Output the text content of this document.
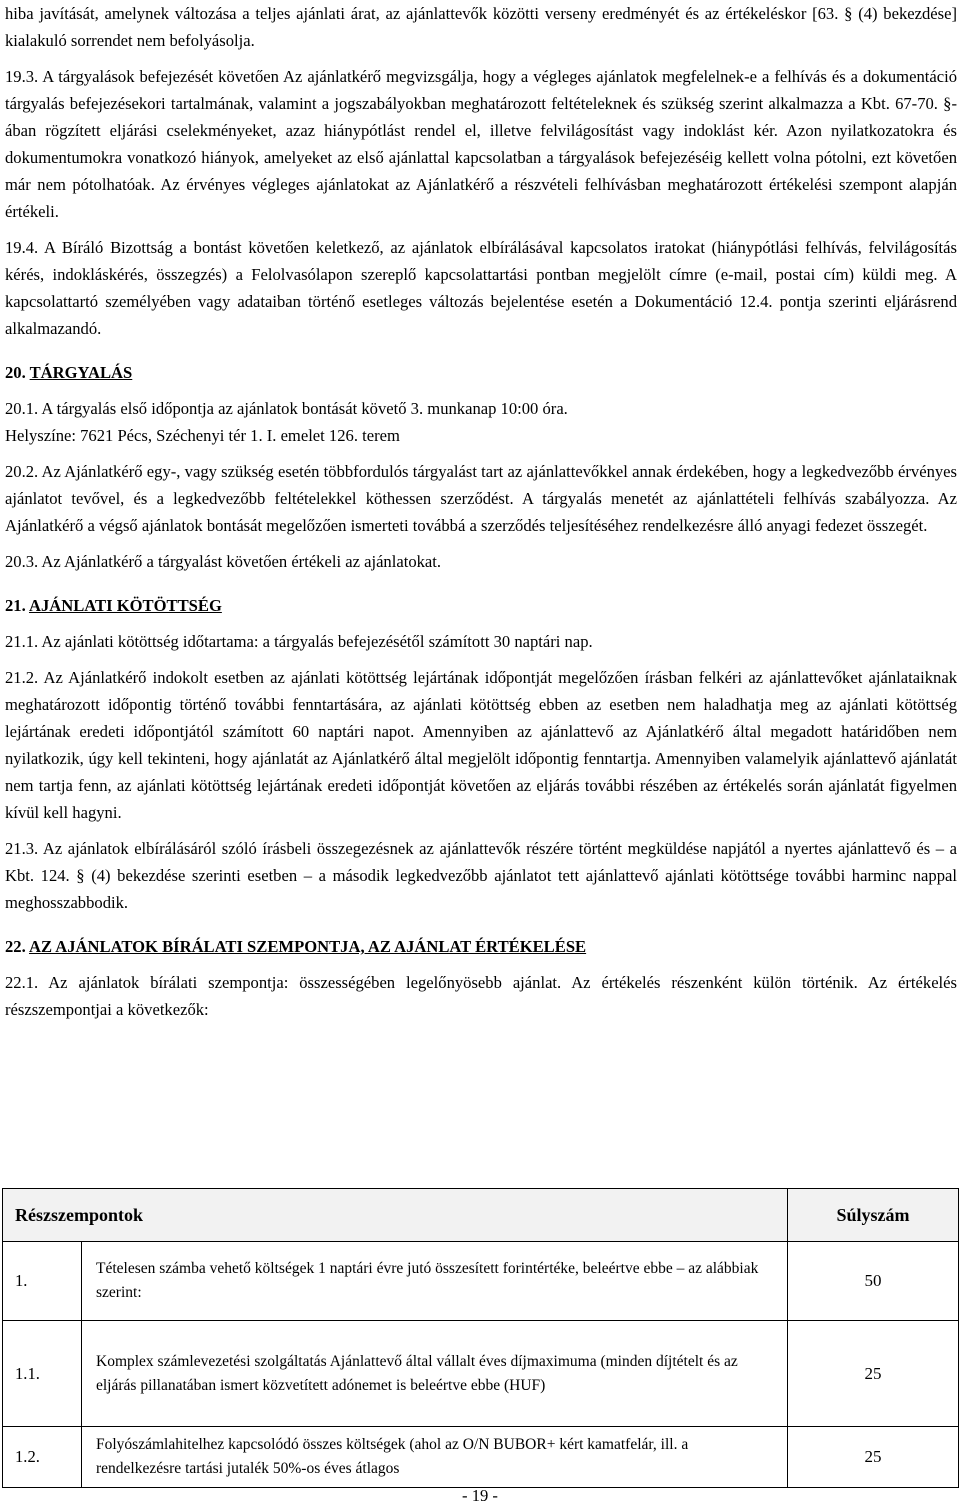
hiba javítását, amelynek változása a teljes ajánlati árat, az ajánlattevők közötti verseny eredményét és az értékeléskor [63. § (4) bekezdése] kialakuló sorrendet nem befolyásolja.

19.3. A tárgyalások befejezését követően Az ajánlatkérő megvizsgálja, hogy a végleges ajánlatok megfelelnek-e a felhívás és a dokumentáció tárgyalás befejezésekori tartalmának, valamint a jogszabályokban meghatározott feltételeknek és szükség szerint alkalmazza a Kbt. 67-70. §-ában rögzített eljárási cselekményeket, azaz hiánypótlást rendel el, illetve felvilágosítást vagy indoklást kér. Azon nyilatkozatokra és dokumentumokra vonatkozó hiányok, amelyeket az első ajánlattal kapcsolatban a tárgyalások befejezéséig kellett volna pótolni, ezt követően már nem pótolhatóak. Az érvényes végleges ajánlatokat az Ajánlatkérő a részvételi felhívásban meghatározott értékelési szempont alapján értékeli.

19.4. A Bíráló Bizottság a bontást követően keletkező, az ajánlatok elbírálásával kapcsolatos iratokat (hiánypótlási felhívás, felvilágosítás kérés, indokláskérés, összegzés) a Felolvasólapon szereplő kapcsolattartási pontban megjelölt címre (e-mail, postai cím) küldi meg. A kapcsolattartó személyében vagy adataiban történő esetleges változás bejelentése esetén a Dokumentáció 12.4. pontja szerinti eljárásrend alkalmazandó.

20. TÁRGYALÁS

20.1. A tárgyalás első időpontja az ajánlatok bontását követő 3. munkanap 10:00 óra.

Helyszíne: 7621 Pécs, Széchenyi tér 1. I. emelet 126. terem

20.2. Az Ajánlatkérő egy-, vagy szükség esetén többfordulós tárgyalást tart az ajánlattevőkkel annak érdekében, hogy a legkedvezőbb érvényes ajánlatot tevővel, és a legkedvezőbb feltételekkel köthessen szerződést. A tárgyalás menetét az ajánlattételi felhívás szabályozza. Az Ajánlatkérő a végső ajánlatok bontását megelőzően ismerteti továbbá a szerződés teljesítéséhez rendelkezésre álló anyagi fedezet összegét.

20.3. Az Ajánlatkérő a tárgyalást követően értékeli az ajánlatokat.

21. AJÁNLATI KÖTÖTTSÉG

21.1. Az ajánlati kötöttség időtartama: a tárgyalás befejezésétől számított 30 naptári nap.

21.2. Az Ajánlatkérő indokolt esetben az ajánlati kötöttség lejártának időpontját megelőzően írásban felkéri az ajánlattevőket ajánlataiknak meghatározott időpontig történő további fenntartására, az ajánlati kötöttség ebben az esetben nem haladhatja meg az ajánlati kötöttség lejártának eredeti időpontjától számított 60 naptári napot. Amennyiben az ajánlattevő az Ajánlatkérő által megadott határidőben nem nyilatkozik, úgy kell tekinteni, hogy ajánlatát az Ajánlatkérő által megjelölt időpontig fenntartja. Amennyiben valamelyik ajánlattevő ajánlatát nem tartja fenn, az ajánlati kötöttség lejártának eredeti időpontját követően az eljárás további részében az értékelés során ajánlatát figyelmen kívül kell hagyni.

21.3. Az ajánlatok elbírálásáról szóló írásbeli összegezésnek az ajánlattevők részére történt megküldése napjától a nyertes ajánlattevő és – a Kbt. 124. § (4) bekezdése szerinti esetben – a második legkedvezőbb ajánlatot tett ajánlattevő ajánlati kötöttsége további harminc nappal meghosszabbodik.

22. AZ AJÁNLATOK BÍRÁLATI SZEMPONTJA, AZ AJÁNLAT ÉRTÉKELÉSE

22.1. Az ajánlatok bírálati szempontja: összességében legelőnyösebb ajánlat. Az értékelés részenként külön történik. Az értékelés részszempontjai a következők:

Részszempontok		Súlyszám
1.	Tételesen számba vehető költségek 1 naptári évre jutó összesített forintértéke, beleértve ebbe – az alábbiak szerint:	50
1.1.	Komplex számlevezetési szolgáltatás Ajánlattevő által vállalt éves díjmaximuma (minden díjtételt és az eljárás pillanatában ismert közvetített adónemet is beleértve ebbe (HUF)	25
1.2.	Folyószámlahitelhez kapcsolódó összes költségek (ahol az O/N BUBOR+ kért kamatfelár, ill. a rendelkezésre tartási jutalék 50%-os éves átlagos	25
- 19 -
